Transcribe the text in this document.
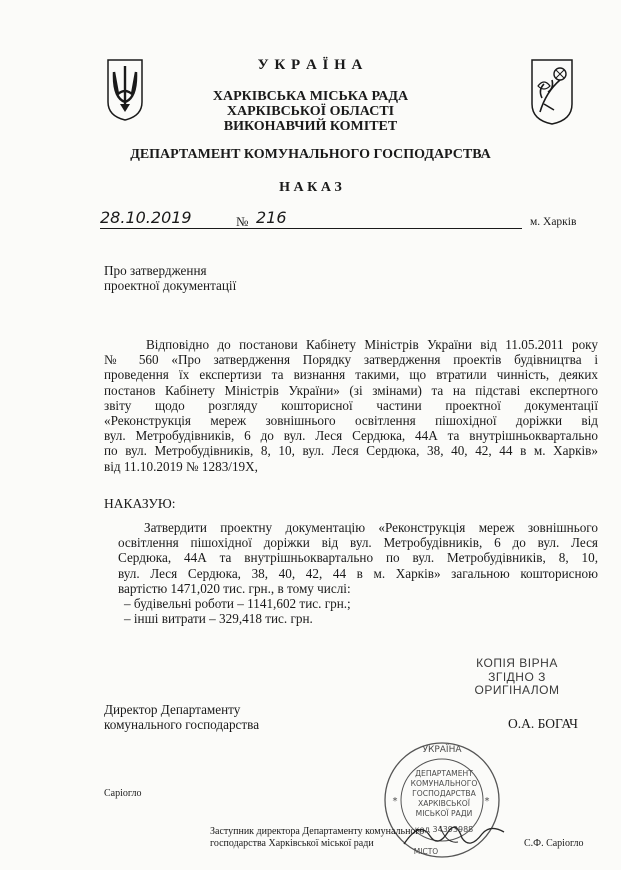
У К Р А Ї Н А
ХАРКІВСЬКА МІСЬКА РАДА
ХАРКІВСЬКОЇ ОБЛАСТІ
ВИКОНАВЧИЙ КОМІТЕТ
ДЕПАРТАМЕНТ КОМУНАЛЬНОГО ГОСПОДАРСТВА
Н А К А З
28.10.2019	№ 216	м. Харків
Про затвердження
проектної документації
Відповідно до постанови Кабінету Міністрів України від 11.05.2011 року
№ 560 «Про затвердження Порядку затвердження проектів будівництва і
проведення їх експертизи та визнання такими, що втратили чинність, деяких
постанов Кабінету Міністрів України» (зі змінами) та на підставі експертного
звіту щодо розгляду кошторисної частини проектної документації
«Реконструкція мереж зовнішнього освітлення пішохідної доріжки від
вул. Метробудівників, 6 до вул. Леся Сердюка, 44А та внутрішньоквартально
по вул. Метробудівників, 8, 10, вул. Леся Сердюка, 38, 40, 42, 44 в м. Харків»
від 11.10.2019 № 1283/19Х,
НАКАЗУЮ:
Затвердити проектну документацію «Реконструкція мереж зовнішнього
освітлення пішохідної доріжки від вул. Метробудівників, 6 до вул. Леся
Сердюка, 44А та внутрішньоквартально по вул. Метробудівників, 8, 10,
вул. Леся Сердюка, 38, 40, 42, 44 в м. Харків» загальною кошторисною
вартістю 1471,020 тис. грн., в тому числі:
– будівельні роботи – 1141,602 тис. грн.;
– інші витрати – 329,418 тис. грн.
КОПІЯ ВІРНА
ЗГІДНО З
ОРИГІНАЛОМ
Директор Департаменту
комунального господарства	О.А. БОГАЧ
УКРАЇНА
ДЕПАРТАМЕНТ
КОМУНАЛЬНОГО
ГОСПОДАРСТВА
ХАРКІВСЬКОЇ
МІСЬКОЇ РАДИ
код 34393988
МІСТО
*
*
Саріогло
Заступник директора Департаменту комунального
господарства Харківської міської ради	С.Ф. Саріогло
